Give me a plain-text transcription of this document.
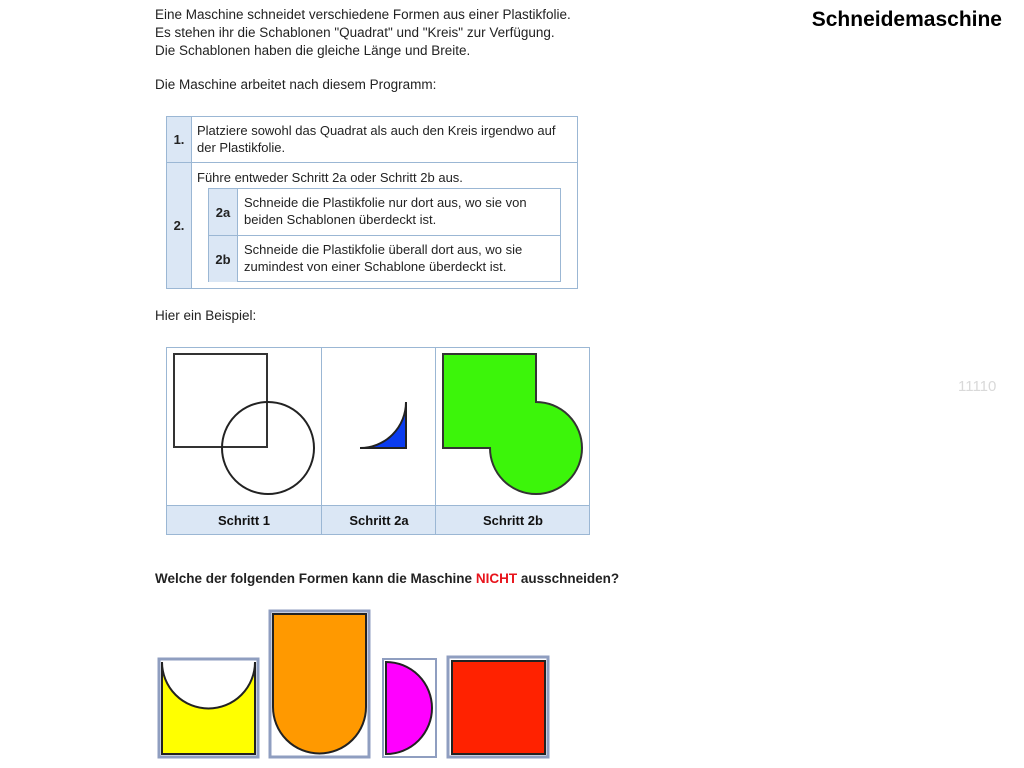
Schneidemaschine
11110
Eine Maschine schneidet verschiedene Formen aus einer Plastikfolie.
Es stehen ihr die Schablonen "Quadrat" und "Kreis" zur Verfügung.
Die Schablonen haben die gleiche Länge und Breite.
Die Maschine arbeitet nach diesem Programm:
1.
2.
Platziere sowohl das Quadrat als auch den Kreis irgendwo auf der Plastikfolie.
Führe entweder Schritt 2a oder Schritt 2b aus.
2a
Schneide die Plastikfolie nur dort aus, wo sie von beiden Schablonen überdeckt ist.
2b
Schneide die Plastikfolie überall dort aus, wo sie zumindest von einer Schablone überdeckt ist.
Hier ein Beispiel:
Schritt 1	Schritt 2a	Schritt 2b
Welche der folgenden Formen kann die Maschine NICHT ausschneiden?
